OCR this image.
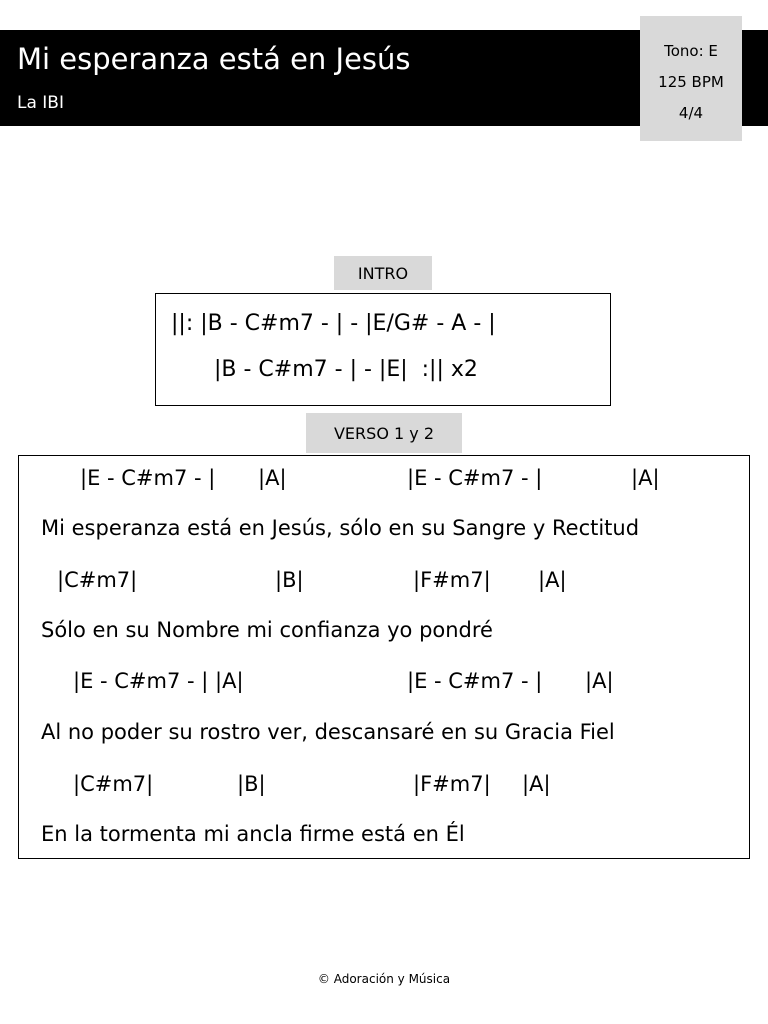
Mi esperanza está en Jesús
La IBI
Tono: E
125 BPM
4/4
INTRO
||: |B - C#m7 - | - |E/G# - A - |
|B - C#m7 - | - |E|  :|| x2
VERSO 1 y 2
|E - C#m7 - | |A|	|E - C#m7 - |	|A|
Mi esperanza está en Jesús, sólo en su Sangre y Rectitud
|C#m7|	|B|	|F#m7| |A|
Sólo en su Nombre mi confianza yo pondré
|E - C#m7 - | |A|	|E - C#m7 - | |A|
Al no poder su rostro ver, descansaré en su Gracia Fiel
|C#m7|	|B|	|F#m7| |A|
En la tormenta mi ancla firme está en Él
© Adoración y Música
